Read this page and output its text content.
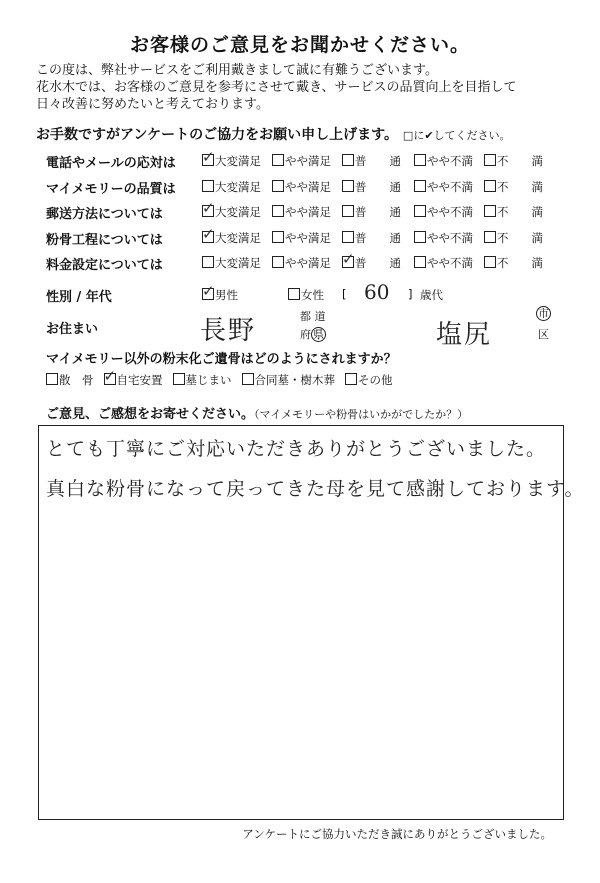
お客様のご意見をお聞かせください。
この度は、弊社サービスをご利用戴きまして誠に有難うございます。
花水木では、お客様のご意見を参考にさせて戴き、サービスの品質向上を目指して
日々改善に努めたいと考えております。
お手数ですがアンケートのご協力をお願い申し上げます。 □に✔してください。
電話やメールの応対は ✓ 大変満足	やや満足	普　　通	やや不満	不　　満
マイメモリーの品質は	大変満足	やや満足	普　　通	やや不満	不　　満
郵送方法については	✓ 大変満足	やや満足	普　　通	やや不満	不　　満
粉骨工程については	✓ 大変満足	やや満足	普　　通	やや不満	不　　満
料金設定については	大変満足	やや満足 ✓ 普　　通	やや不満	不　　満
性別 / 年代	✓ 男性	女性 [ 60 ] 歳代
お住まい	長野	都 道
府 県	塩尻
市
区
マイメモリー以外の粉末化ご遺骨はどのようにされますか？
散　骨 ✓ 自宅安置 墓じまい 合同墓・樹木葬 その他
ご意見、ご感想をお寄せください。（マイメモリーや粉骨はいかがでしたか？）
とても丁寧にご対応いただきありがとうございました。
真白な粉骨になって戻ってきた母を見て感謝しております。
アンケートにご協力いただき誠にありがとうございました。
